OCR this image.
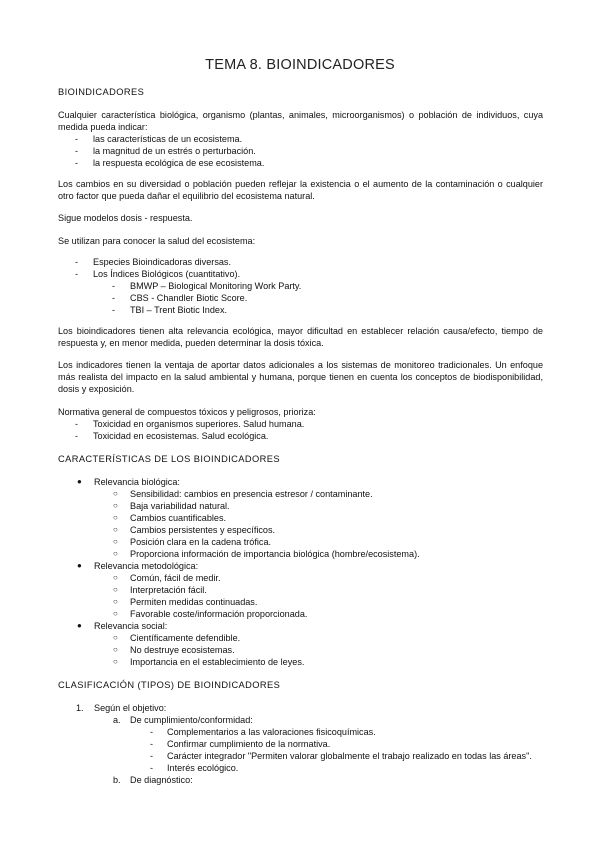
TEMA 8. BIOINDICADORES
BIOINDICADORES
Cualquier característica biológica, organismo (plantas, animales, microorganismos) o población de individuos, cuya medida pueda indicar:
- las características de un ecosistema.
- la magnitud de un estrés o perturbación.
- la respuesta ecológica de ese ecosistema.
Los cambios en su diversidad o población pueden reflejar la existencia o el aumento de la contaminación o cualquier otro factor que pueda dañar el equilibrio del ecosistema natural.
Sigue modelos dosis - respuesta.
Se utilizan para conocer la salud del ecosistema:
- Especies Bioindicadoras diversas.
- Los Índices Biológicos (cuantitativo).
- BMWP – Biological Monitoring Work Party.
- CBS - Chandler Biotic Score.
- TBI – Trent Biotic Index.
Los bioindicadores tienen alta relevancia ecológica, mayor dificultad en establecer relación causa/efecto, tiempo de respuesta y, en menor medida, pueden determinar la dosis tóxica.
Los indicadores tienen la ventaja de aportar datos adicionales a los sistemas de monitoreo tradicionales. Un enfoque más realista del impacto en la salud ambiental y humana, porque tienen en cuenta los conceptos de biodisponibilidad, dosis y exposición.
Normativa general de compuestos tóxicos y peligrosos, prioriza:
- Toxicidad en organismos superiores. Salud humana.
- Toxicidad en ecosistemas. Salud ecológica.
CARACTERÍSTICAS DE LOS BIOINDICADORES
● Relevancia biológica:
○ Sensibilidad: cambios en presencia estresor / contaminante.
○ Baja variabilidad natural.
○ Cambios cuantificables.
○ Cambios persistentes y específicos.
○ Posición clara en la cadena trófica.
○ Proporciona información de importancia biológica (hombre/ecosistema).
● Relevancia metodológica:
○ Común, fácil de medir.
○ Interpretación fácil.
○ Permiten medidas continuadas.
○ Favorable coste/información proporcionada.
● Relevancia social:
○ Científicamente defendible.
○ No destruye ecosistemas.
○ Importancia en el establecimiento de leyes.
CLASIFICACIÓN (TIPOS) DE BIOINDICADORES
1. Según el objetivo:
a. De cumplimiento/conformidad:
- Complementarios a las valoraciones fisicoquímicas.
- Confirmar cumplimiento de la normativa.
- Carácter integrador "Permiten valorar globalmente el trabajo realizado en todas las áreas".
- Interés ecológico.
b. De diagnóstico:
